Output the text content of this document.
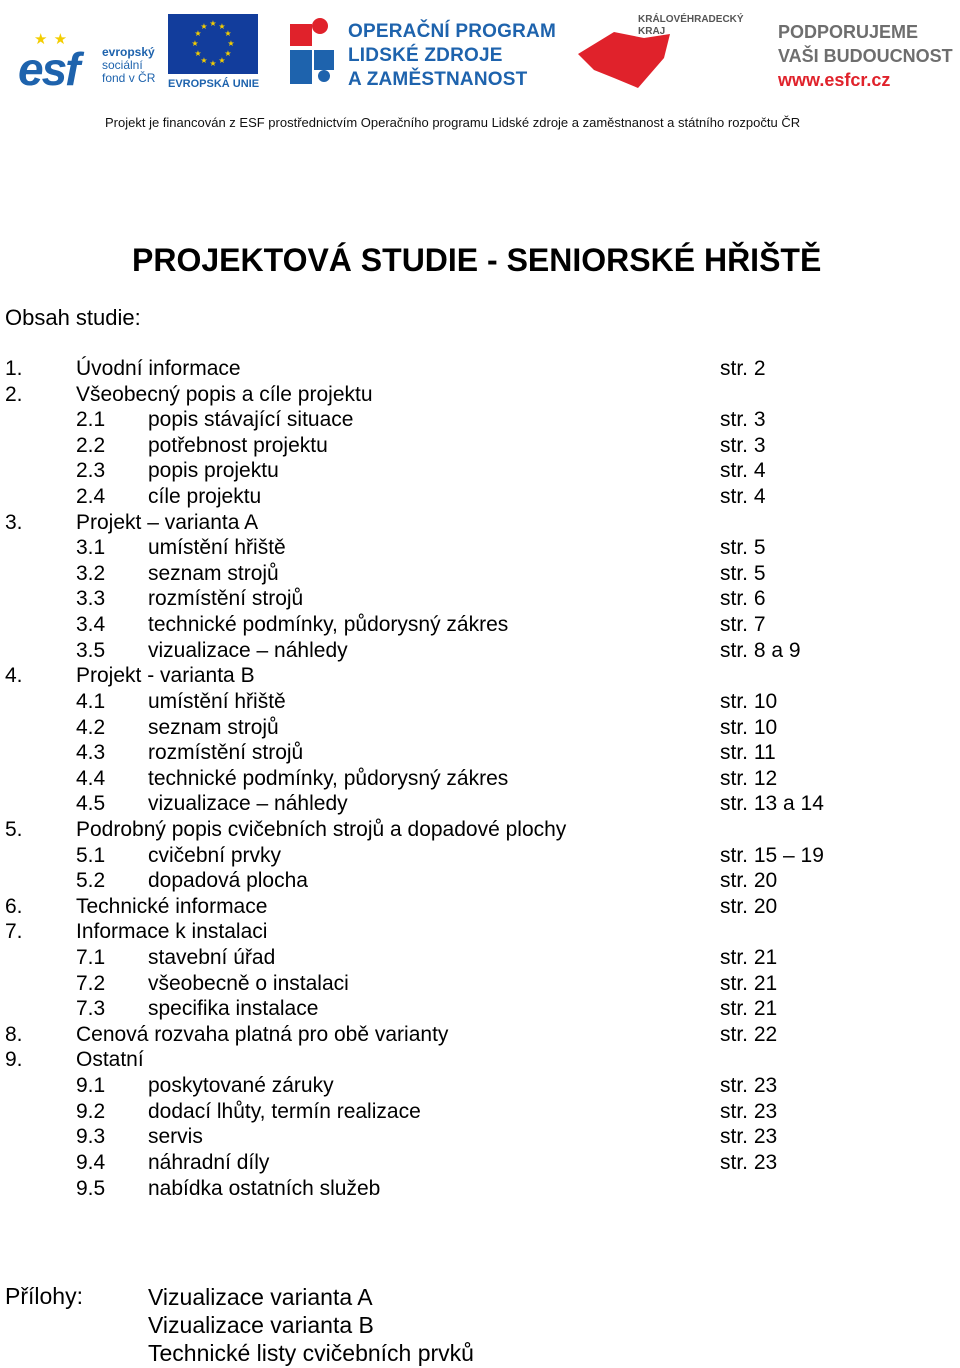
★ ★
esf evropský
sociální
fond v ČR
★ ★
★
★
★
★
★
★
★
★
★
★
EVROPSKÁ UNIE
OPERAČNÍ PROGRAM
LIDSKÉ ZDROJE
A ZAMĚSTNANOST
KRÁLOVÉHRADECKÝ
KRAJ	PODPORUJEME
VAŠI BUDOUCNOST
www.esfcr.cz
Projekt je financován z ESF prostřednictvím Operačního programu Lidské zdroje a zaměstnanost a státního rozpočtu ČR
PROJEKTOVÁ STUDIE - SENIORSKÉ HŘIŠTĚ
Obsah studie:
1.	Úvodní informace	str. 2
2.	Všeobecný popis a cíle projektu
2.1 popis stávající situace	str. 3
2.2 potřebnost projektu	str. 3
2.3 popis projektu	str. 4
2.4 cíle projektu	str. 4
3.	Projekt – varianta A
3.1 umístění hřiště	str. 5
3.2 seznam strojů	str. 5
3.3 rozmístění strojů	str. 6
3.4 technické podmínky, půdorysný zákres	str. 7
3.5 vizualizace – náhledy	str. 8 a 9
4.	Projekt - varianta B
4.1 umístění hřiště	str. 10
4.2 seznam strojů	str. 10
4.3 rozmístění strojů	str. 11
4.4 technické podmínky, půdorysný zákres	str. 12
4.5 vizualizace – náhledy	str. 13 a 14
5.	Podrobný popis cvičebních strojů a dopadové plochy
5.1 cvičební prvky	str. 15 – 19
5.2 dopadová plocha	str. 20
6.	Technické informace	str. 20
7.	Informace k instalaci
7.1 stavební úřad	str. 21
7.2 všeobecně o instalaci	str. 21
7.3 specifika instalace	str. 21
8.	Cenová rozvaha platná pro obě varianty	str. 22
9.	Ostatní
9.1 poskytované záruky	str. 23
9.2 dodací lhůty, termín realizace	str. 23
9.3 servis	str. 23
9.4 náhradní díly	str. 23
9.5 nabídka ostatních služeb
Přílohy:	Vizualizace varianta A
Vizualizace varianta B
Technické listy cvičebních prvků
